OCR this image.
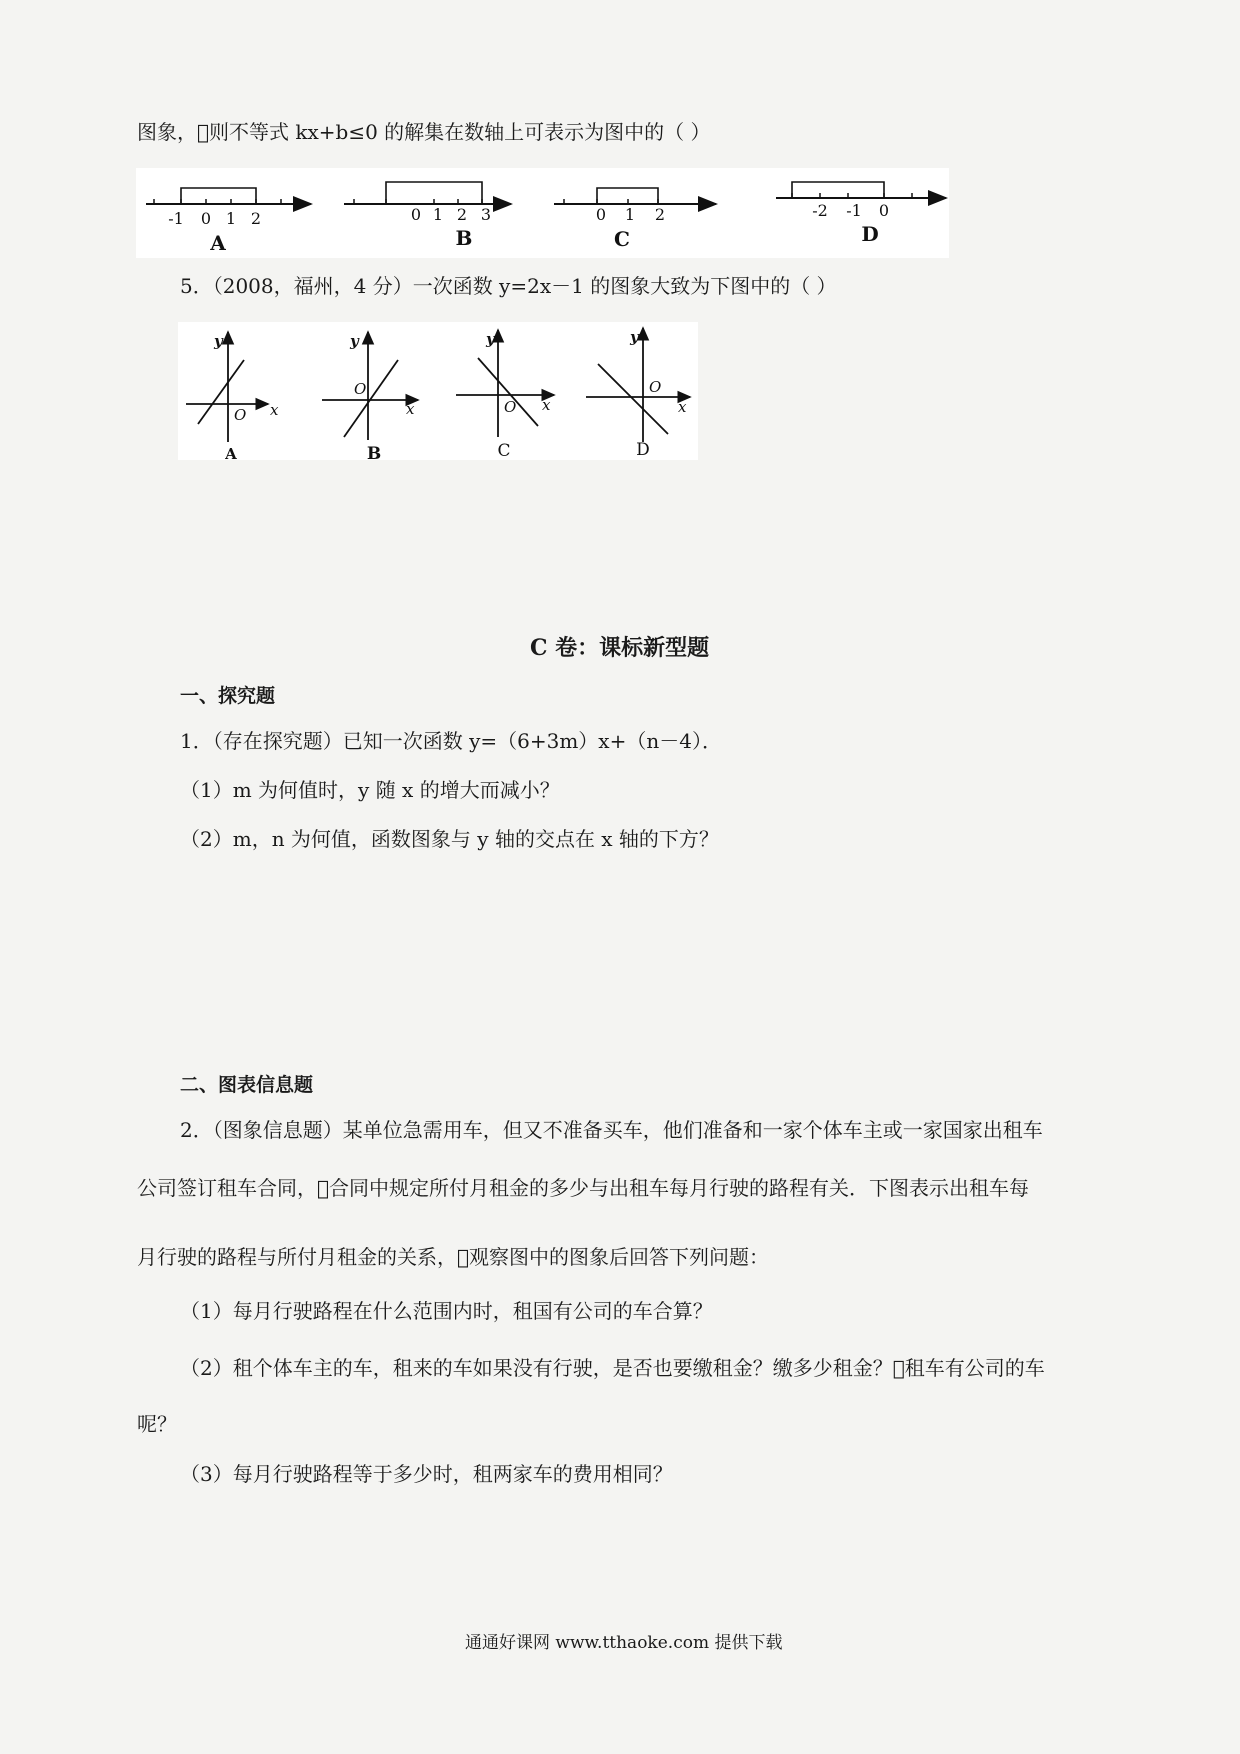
图象， 则不等式 kx+b≤0 的解集在数轴上可表示为图中的（ ）
-1 0 1 2
A
0 1 2 3
B
0 1 2
C
-2 -1 0
D
5．（2008，福州，4 分）一次函数 y=2x－1 的图象大致为下图中的（ ）
y
x
O
A
y
x
O
B
y
x
O
C
y
x
O
D
C 卷：课标新型题
一、探究题
1．（存在探究题）已知一次函数 y=（6+3m）x+（n－4）．
（1）m 为何值时，y 随 x 的增大而减小？
（2）m，n 为何值，函数图象与 y 轴的交点在 x 轴的下方？
二、图表信息题
2．（图象信息题）某单位急需用车，但又不准备买车，他们准备和一家个体车主或一家国家出租车
公司签订租车合同， 合同中规定所付月租金的多少与出租车每月行驶的路程有关．下图表示出租车每
月行驶的路程与所付月租金的关系， 观察图中的图象后回答下列问题：
（1）每月行驶路程在什么范围内时，租国有公司的车合算？
（2）租个体车主的车，租来的车如果没有行驶，是否也要缴租金？缴多少租金？ 租车有公司的车
呢？
（3）每月行驶路程等于多少时，租两家车的费用相同？
通通好课网 www.tthaoke.com 提供下载
